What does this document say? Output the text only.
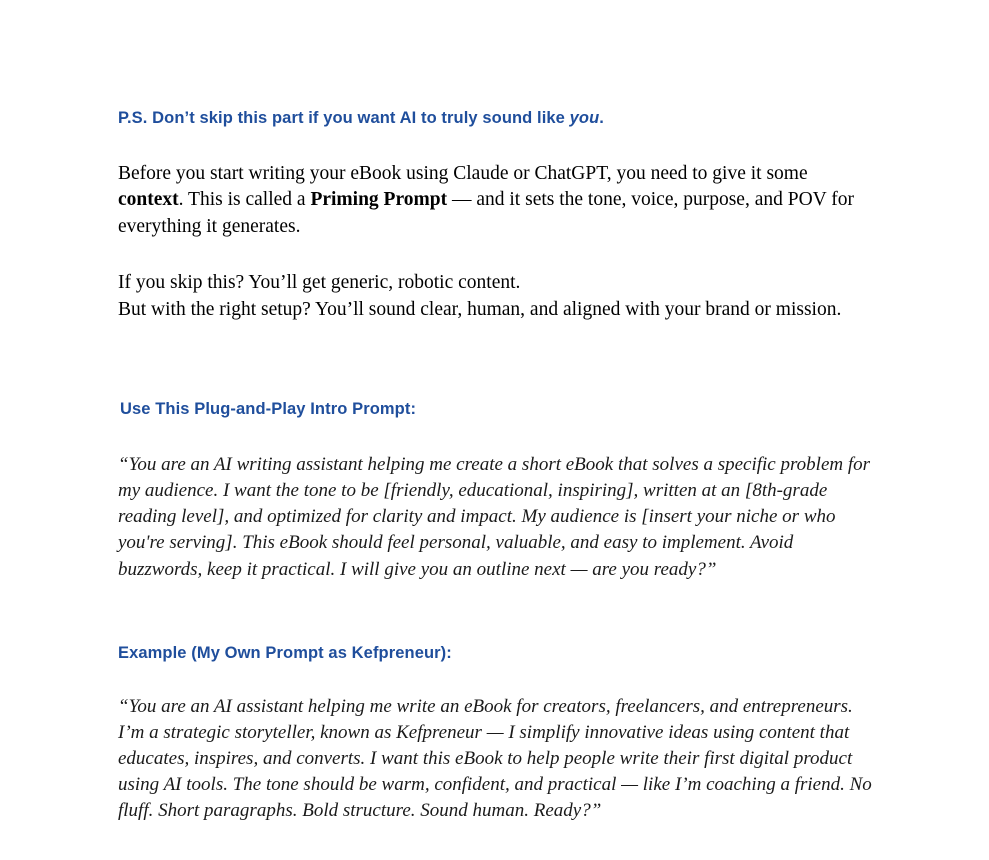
P.S. Don’t skip this part if you want AI to truly sound like you.

Before you start writing your eBook using Claude or ChatGPT, you need to give it some context. This is called a Priming Prompt — and it sets the tone, voice, purpose, and POV for everything it generates.

If you skip this? You’ll get generic, robotic content.
But with the right setup? You’ll sound clear, human, and aligned with your brand or mission.

Use This Plug-and-Play Intro Prompt:

“You are an AI writing assistant helping me create a short eBook that solves a specific problem for my audience. I want the tone to be [friendly, educational, inspiring], written at an [8th-grade reading level], and optimized for clarity and impact. My audience is [insert your niche or who you're serving]. This eBook should feel personal, valuable, and easy to implement. Avoid buzzwords, keep it practical. I will give you an outline next — are you ready?”

Example (My Own Prompt as Kefpreneur):

“You are an AI assistant helping me write an eBook for creators, freelancers, and entrepreneurs. I’m a strategic storyteller, known as Kefpreneur — I simplify innovative ideas using content that educates, inspires, and converts. I want this eBook to help people write their first digital product using AI tools. The tone should be warm, confident, and practical — like I’m coaching a friend. No fluff. Short paragraphs. Bold structure. Sound human. Ready?”
